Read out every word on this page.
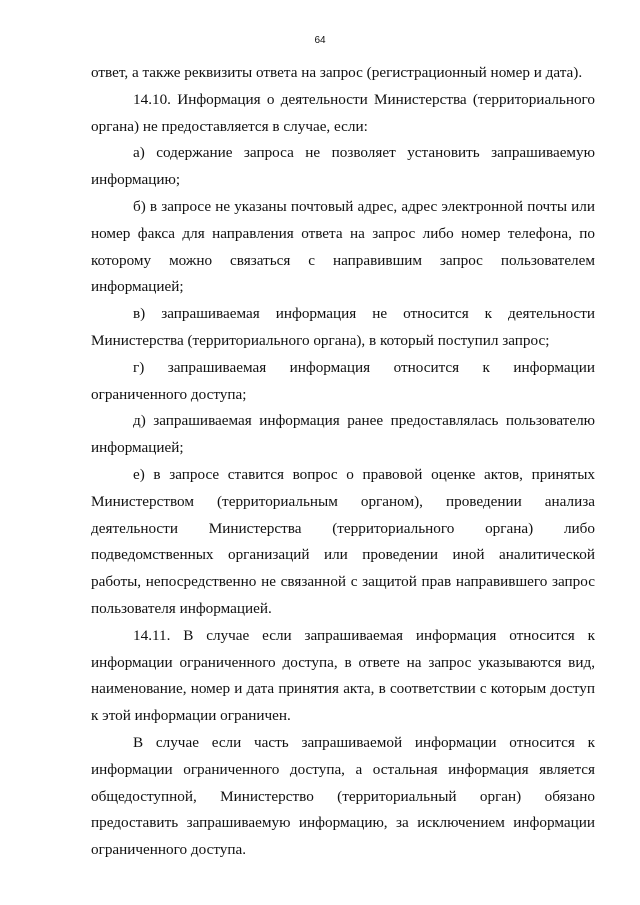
64

ответ, а также реквизиты ответа на запрос (регистрационный номер и дата).

14.10. Информация о деятельности Министерства (территориального органа) не предоставляется в случае, если:

а) содержание запроса не позволяет установить запрашиваемую информацию;

б) в запросе не указаны почтовый адрес, адрес электронной почты или номер факса для направления ответа на запрос либо номер телефона, по которому можно связаться с направившим запрос пользователем информацией;

в) запрашиваемая информация не относится к деятельности Министерства (территориального органа), в который поступил запрос;

г) запрашиваемая информация относится к информации ограниченного доступа;

д) запрашиваемая информация ранее предоставлялась пользователю информацией;

е) в запросе ставится вопрос о правовой оценке актов, принятых Министерством (территориальным органом), проведении анализа деятельности Министерства (территориального органа) либо подведомственных организаций или проведении иной аналитической работы, непосредственно не связанной с защитой прав направившего запрос пользователя информацией.

14.11. В случае если запрашиваемая информация относится к информации ограниченного доступа, в ответе на запрос указываются вид, наименование, номер и дата принятия акта, в соответствии с которым доступ к этой информации ограничен.

В случае если часть запрашиваемой информации относится к информации ограниченного доступа, а остальная информация является общедоступной, Министерство (территориальный орган) обязано предоставить запрашиваемую информацию, за исключением информации ограниченного доступа.
